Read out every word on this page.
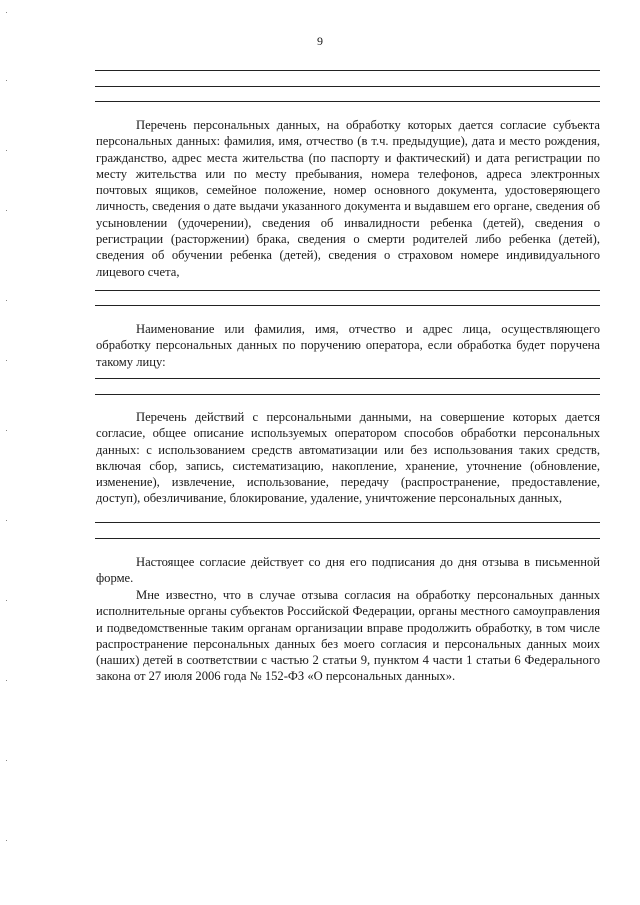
9

Перечень персональных данных, на обработку которых дается согласие субъекта персональных данных: фамилия, имя, отчество (в т.ч. предыдущие), дата и место рождения, гражданство, адрес места жительства (по паспорту и фактический) и дата регистрации по месту жительства или по месту пребывания, номера телефонов, адреса электронных почтовых ящиков, семейное положение, номер основного документа, удостоверяющего личность, сведения о дате выдачи указанного документа и выдавшем его органе, сведения об усыновлении (удочерении), сведения об инвалидности ребенка (детей), сведения о регистрации (расторжении) брака, сведения о смерти родителей либо ребенка (детей), сведения об обучении ребенка (детей), сведения о страховом номере индивидуального лицевого счета,

Наименование или фамилия, имя, отчество и адрес лица, осуществляющего обработку персональных данных по поручению оператора, если обработка будет поручена такому лицу:

Перечень действий с персональными данными, на совершение которых дается согласие, общее описание используемых оператором способов обработки персональных данных: с использованием средств автоматизации или без использования таких средств, включая сбор, запись, систематизацию, накопление, хранение, уточнение (обновление, изменение), извлечение, использование, передачу (распространение, предоставление, доступ), обезличивание, блокирование, удаление, уничтожение персональных данных,

Настоящее согласие действует со дня его подписания до дня отзыва в письменной форме.

Мне известно, что в случае отзыва согласия на обработку персональных данных исполнительные органы субъектов Российской Федерации, органы местного самоуправления и подведомственные таким органам организации вправе продолжить обработку, в том числе распространение персональных данных без моего согласия и персональных данных моих (наших) детей в соответствии с частью 2 статьи 9, пунктом 4 части 1 статьи 6 Федерального закона от 27 июля 2006 года № 152-ФЗ «О персональных данных».
